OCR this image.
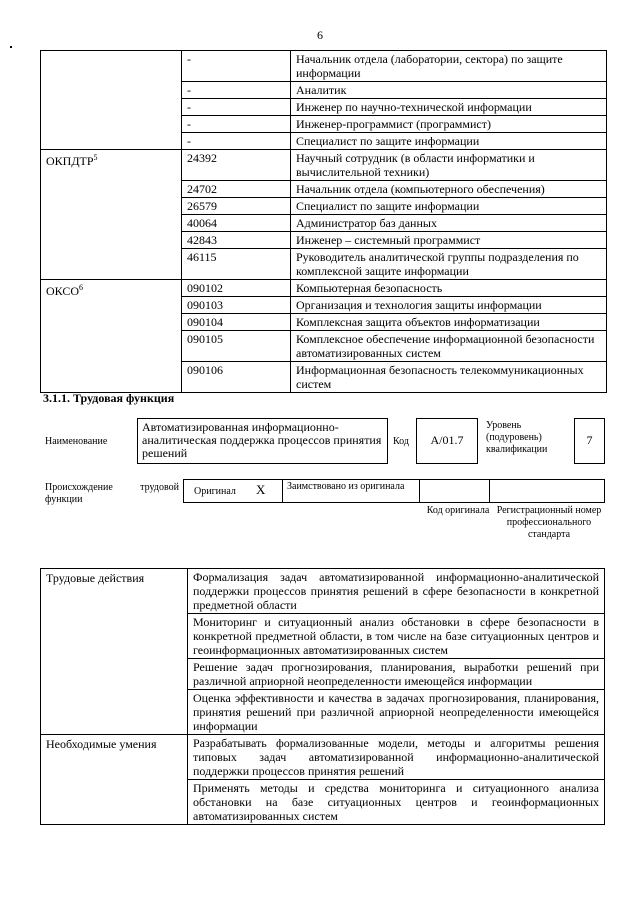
6
	-	Начальник отдела (лаборатории, сектора) по защите информации
	-	Аналитик
	-	Инженер по научно-технической информации
	-	Инженер-программист (программист)
	-	Специалист по защите информации
ОКПДТР$^5$	24392	Научный сотрудник (в области информатики и вычислительной техники)
	24702	Начальник отдела (компьютерного обеспечения)
	26579	Специалист по защите информации
	40064	Администратор баз данных
	42843	Инженер – системный программист
	46115	Руководитель аналитической группы подразделения по комплексной защите информации
ОКСО$^6$	090102	Компьютерная безопасность
	090103	Организация и технология защиты информации
	090104	Комплексная защита объектов информатизации
	090105	Комплексное обеспечение информационной безопасности автоматизированных систем
	090106	Информационная безопасность телекоммуникационных систем
3.1.1. Трудовая функция
Наименование
Автоматизированная информационно-аналитическая поддержка процессов принятия решений
Код	А/01.7
Уровень (подуровень) квалификации
7
Происхождение трудовой функции
Оригинал X Заимствовано из оригинала
Код оригинала Регистрационный номер профессионального стандарта
Трудовые действия	Формализация задач автоматизированной информационно-аналитической поддержки процессов принятия решений в сфере безопасности в конкретной предметной области
	Мониторинг и ситуационный анализ обстановки в сфере безопасности в конкретной предметной области, в том числе на базе ситуационных центров и геоинформационных автоматизированных систем
	Решение задач прогнозирования, планирования, выработки решений при различной априорной неопределенности имеющейся информации
	Оценка эффективности и качества в задачах прогнозирования, планирования, принятия решений при различной априорной неопределенности имеющейся информации
Необходимые умения	Разрабатывать формализованные модели, методы и алгоритмы решения типовых задач автоматизированной информационно-аналитической поддержки процессов принятия решений
	Применять методы и средства мониторинга и ситуационного анализа обстановки на базе ситуационных центров и геоинформационных автоматизированных систем
